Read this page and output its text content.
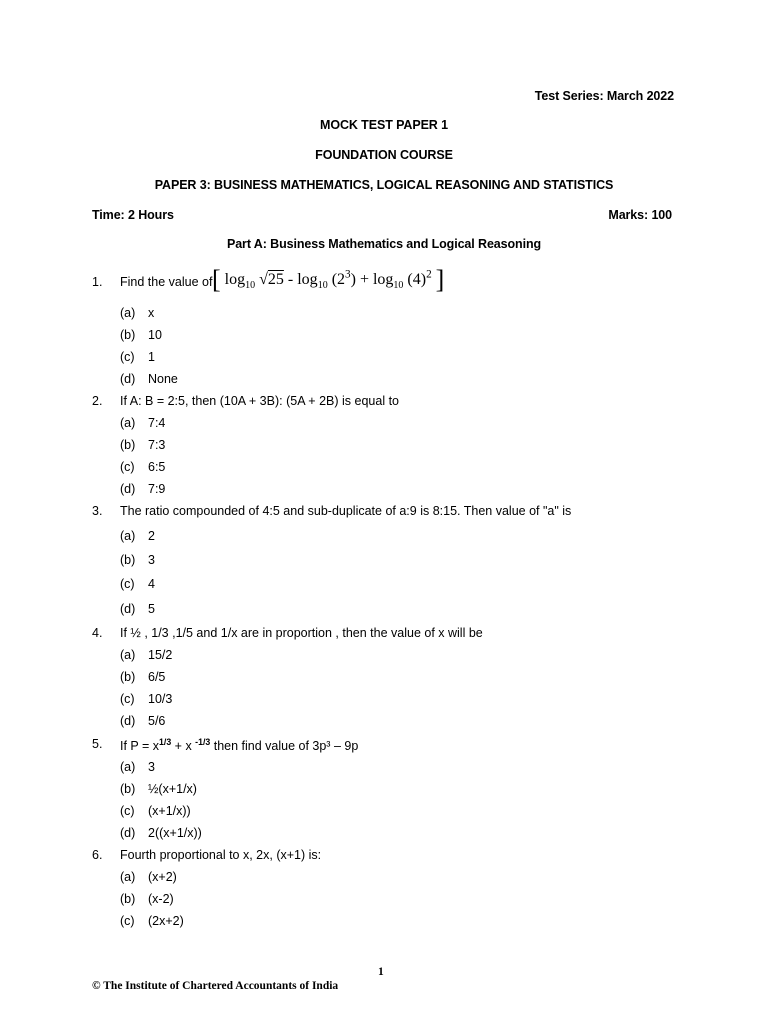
Test Series: March 2022
MOCK TEST PAPER 1
FOUNDATION COURSE
PAPER 3: BUSINESS MATHEMATICS, LOGICAL REASONING AND STATISTICS
Time: 2 Hours	Marks: 100
Part A: Business Mathematics and Logical Reasoning
1. Find the value of [ $\log_{10} √25 - \log_{10} (2^3) + \log_{10} (4)^2$ ]
(a) x
(b) 10
(c) 1
(d) None
2. If A: B = 2:5, then (10A + 3B): (5A + 2B) is equal to
(a) 7:4
(b) 7:3
(c) 6:5
(d) 7:9
3. The ratio compounded of 4:5 and sub-duplicate of a:9 is 8:15. Then value of "a" is
(a) 2
(b) 3
(c) 4
(d) 5
4. If ½ , 1/3 ,1/5 and 1/x are in proportion , then the value of x will be
(a) 15/2
(b) 6/5
(c) 10/3
(d) 5/6
5. If $P = x^{1/3} + x$ $^{-1/3}$ then find value of 3p³ – 9p
(a) 3
(b) ½(x+1/x)
(c) (x+1/x))
(d) 2((x+1/x))
6. Fourth proportional to x, 2x, (x+1) is:
(a) (x+2)
(b) (x-2)
(c) (2x+2)
1
© The Institute of Chartered Accountants of India
